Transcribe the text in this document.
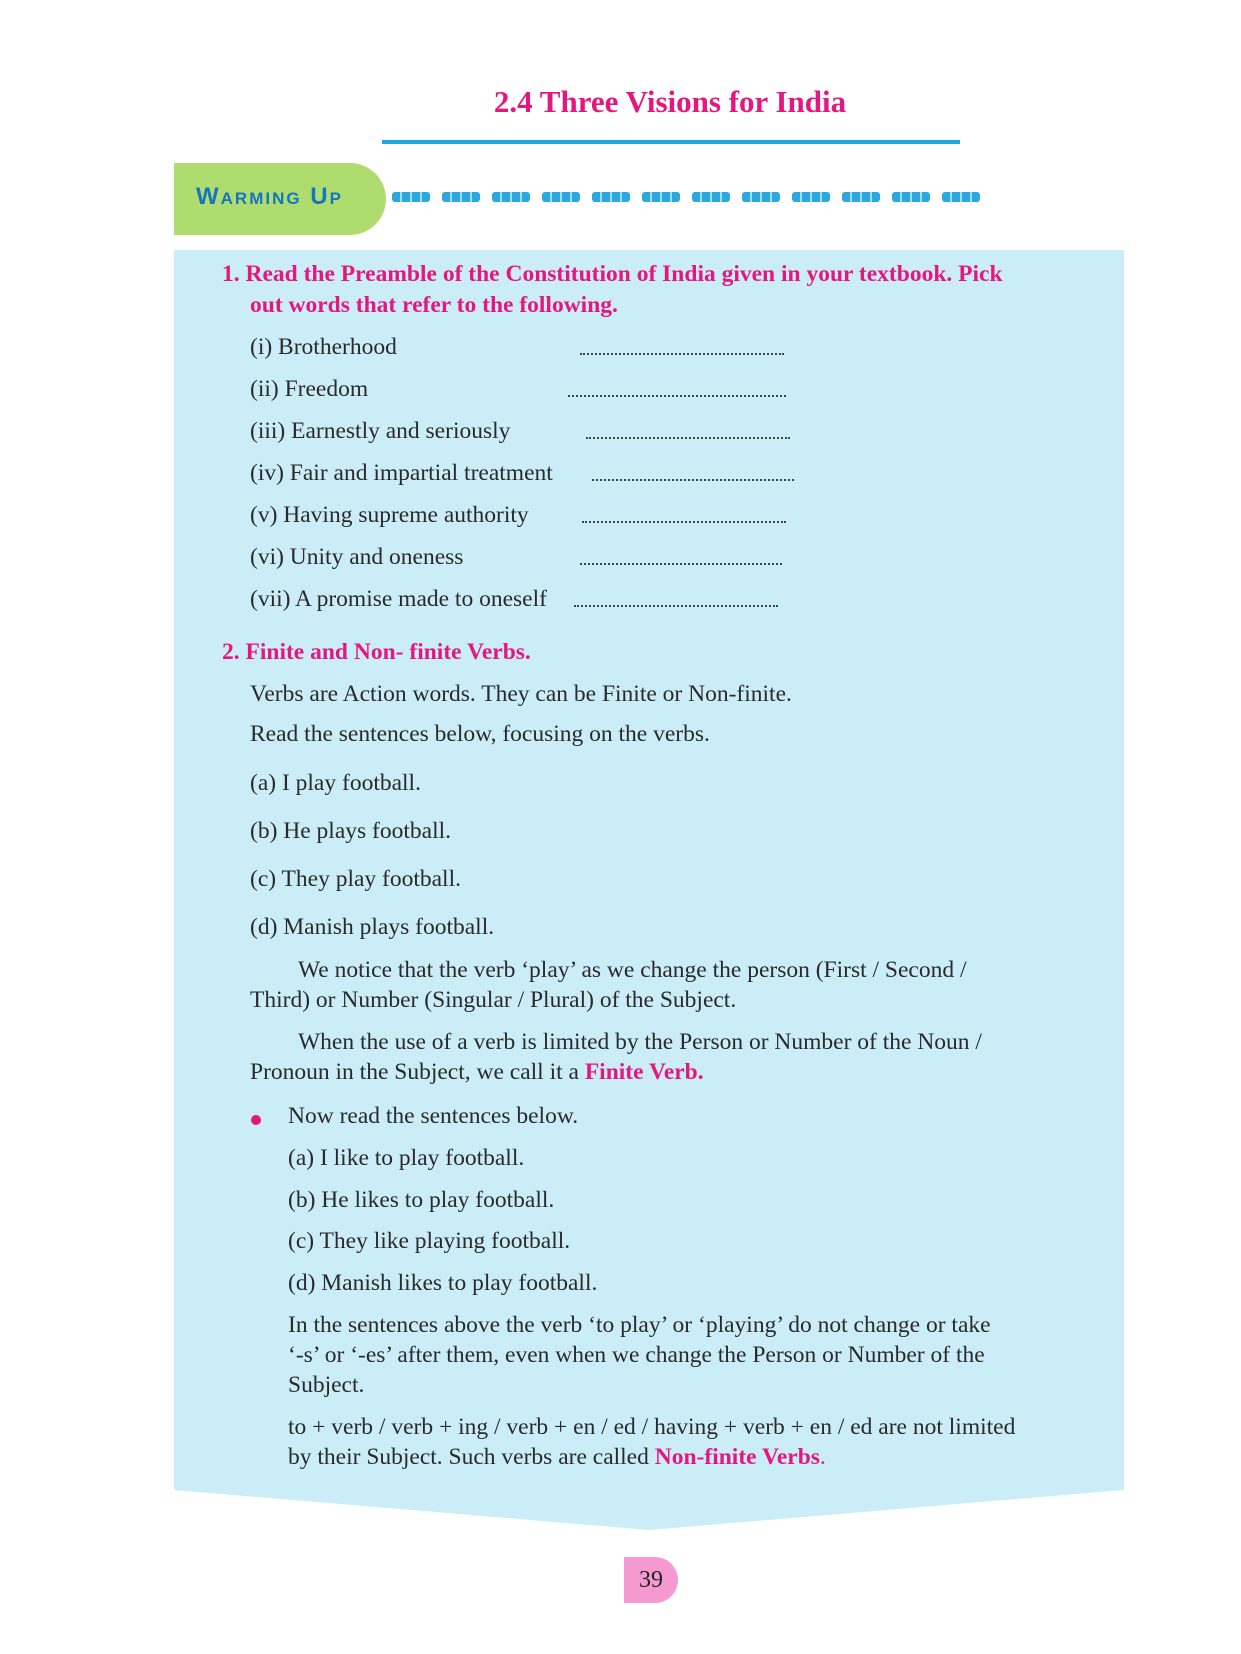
2.4 Three Visions for India
Warming Up
1. Read the Preamble of the Constitution of India given in your textbook. Pick
out words that refer to the following.
(i) Brotherhood
(ii) Freedom
(iii) Earnestly and seriously
(iv) Fair and impartial treatment
(v) Having supreme authority
(vi) Unity and oneness
(vii) A promise made to oneself
2. Finite and Non- finite Verbs.
Verbs are Action words. They can be Finite or Non-finite.
Read the sentences below, focusing on the verbs.
(a) I play football.
(b) He plays football.
(c) They play football.
(d) Manish plays football.
We notice that the verb ‘play’ as we change the person (First / Second /
Third) or Number (Singular / Plural) of the Subject.
When the use of a verb is limited by the Person or Number of the Noun /
Pronoun in the Subject, we call it a Finite Verb.
Now read the sentences below.
(a) I like to play football.
(b) He likes to play football.
(c) They like playing football.
(d) Manish likes to play football.
In the sentences above the verb ‘to play’ or ‘playing’ do not change or take
‘-s’ or ‘-es’ after them, even when we change the Person or Number of the
Subject.
to + verb / verb + ing / verb + en / ed / having + verb + en / ed are not limited
by their Subject. Such verbs are called Non-finite Verbs.
39
